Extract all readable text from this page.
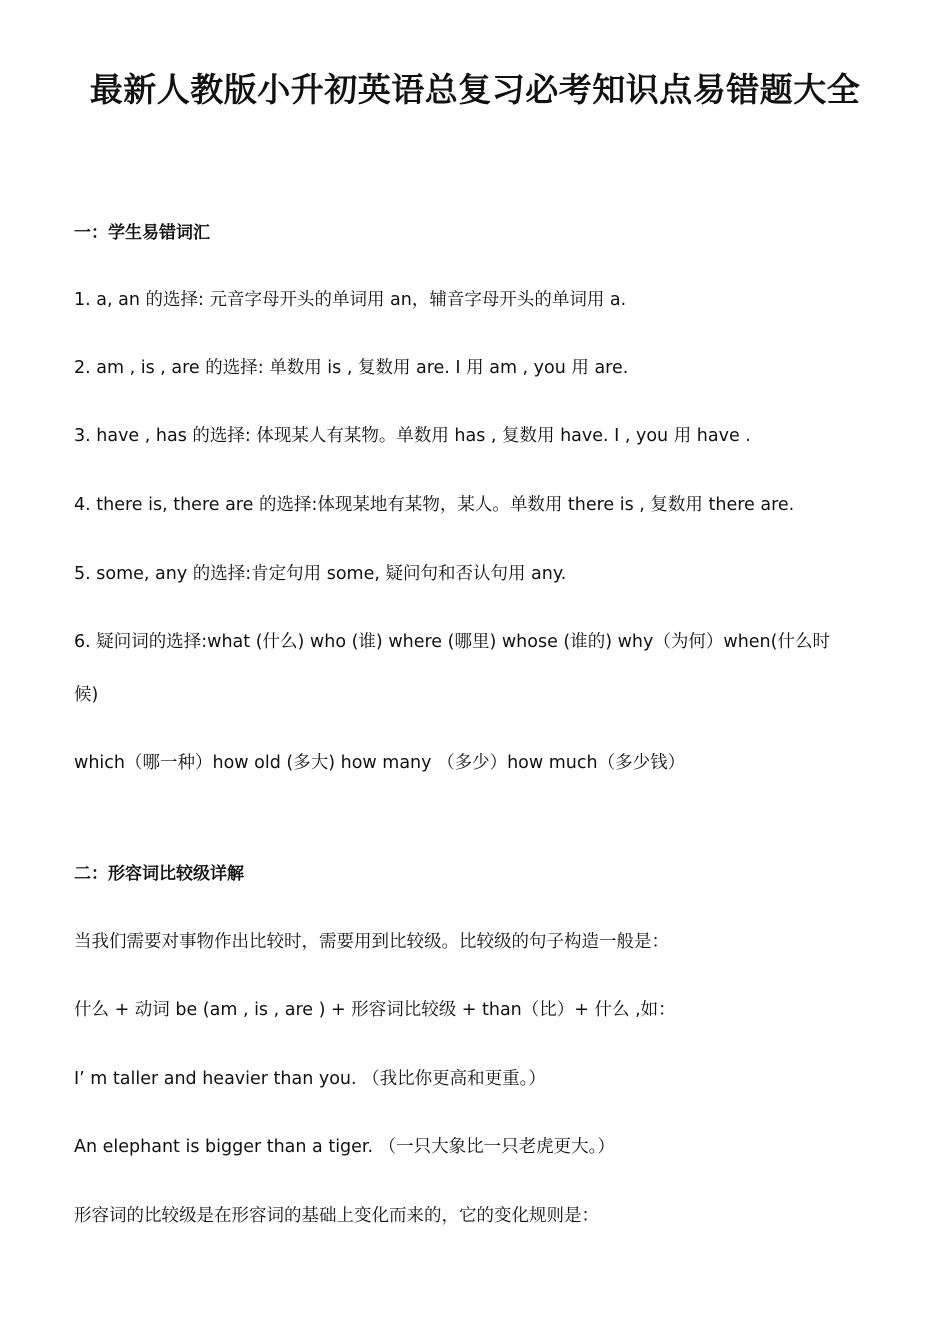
最新人教版小升初英语总复习必考知识点易错题大全
一：学生易错词汇

1. a, an 的选择: 元音字母开头的单词用 an，辅音字母开头的单词用 a.

2. am , is , are 的选择: 单数用 is , 复数用 are. I 用 am , you 用 are.

3. have , has 的选择: 体现某人有某物。单数用 has , 复数用 have. I , you 用 have .

4. there is, there are 的选择:体现某地有某物，某人。单数用 there is , 复数用 there are.

5. some, any 的选择:肯定句用 some, 疑问句和否认句用 any.

6. 疑问词的选择:what (什么) who (谁) where (哪里) whose (谁的) why（为何）when(什么时

候)

which（哪一种）how old (多大) how many （多少）how much（多少钱）

二：形容词比较级详解

当我们需要对事物作出比较时，需要用到比较级。比较级的句子构造一般是：

什么 + 动词 be (am , is , are ) + 形容词比较级 + than（比）+ 什么 ,如：

I’ m taller and heavier than you. （我比你更高和更重。）

An elephant is bigger than a tiger. （一只大象比一只老虎更大。）

形容词的比较级是在形容词的基础上变化而来的，它的变化规则是：
